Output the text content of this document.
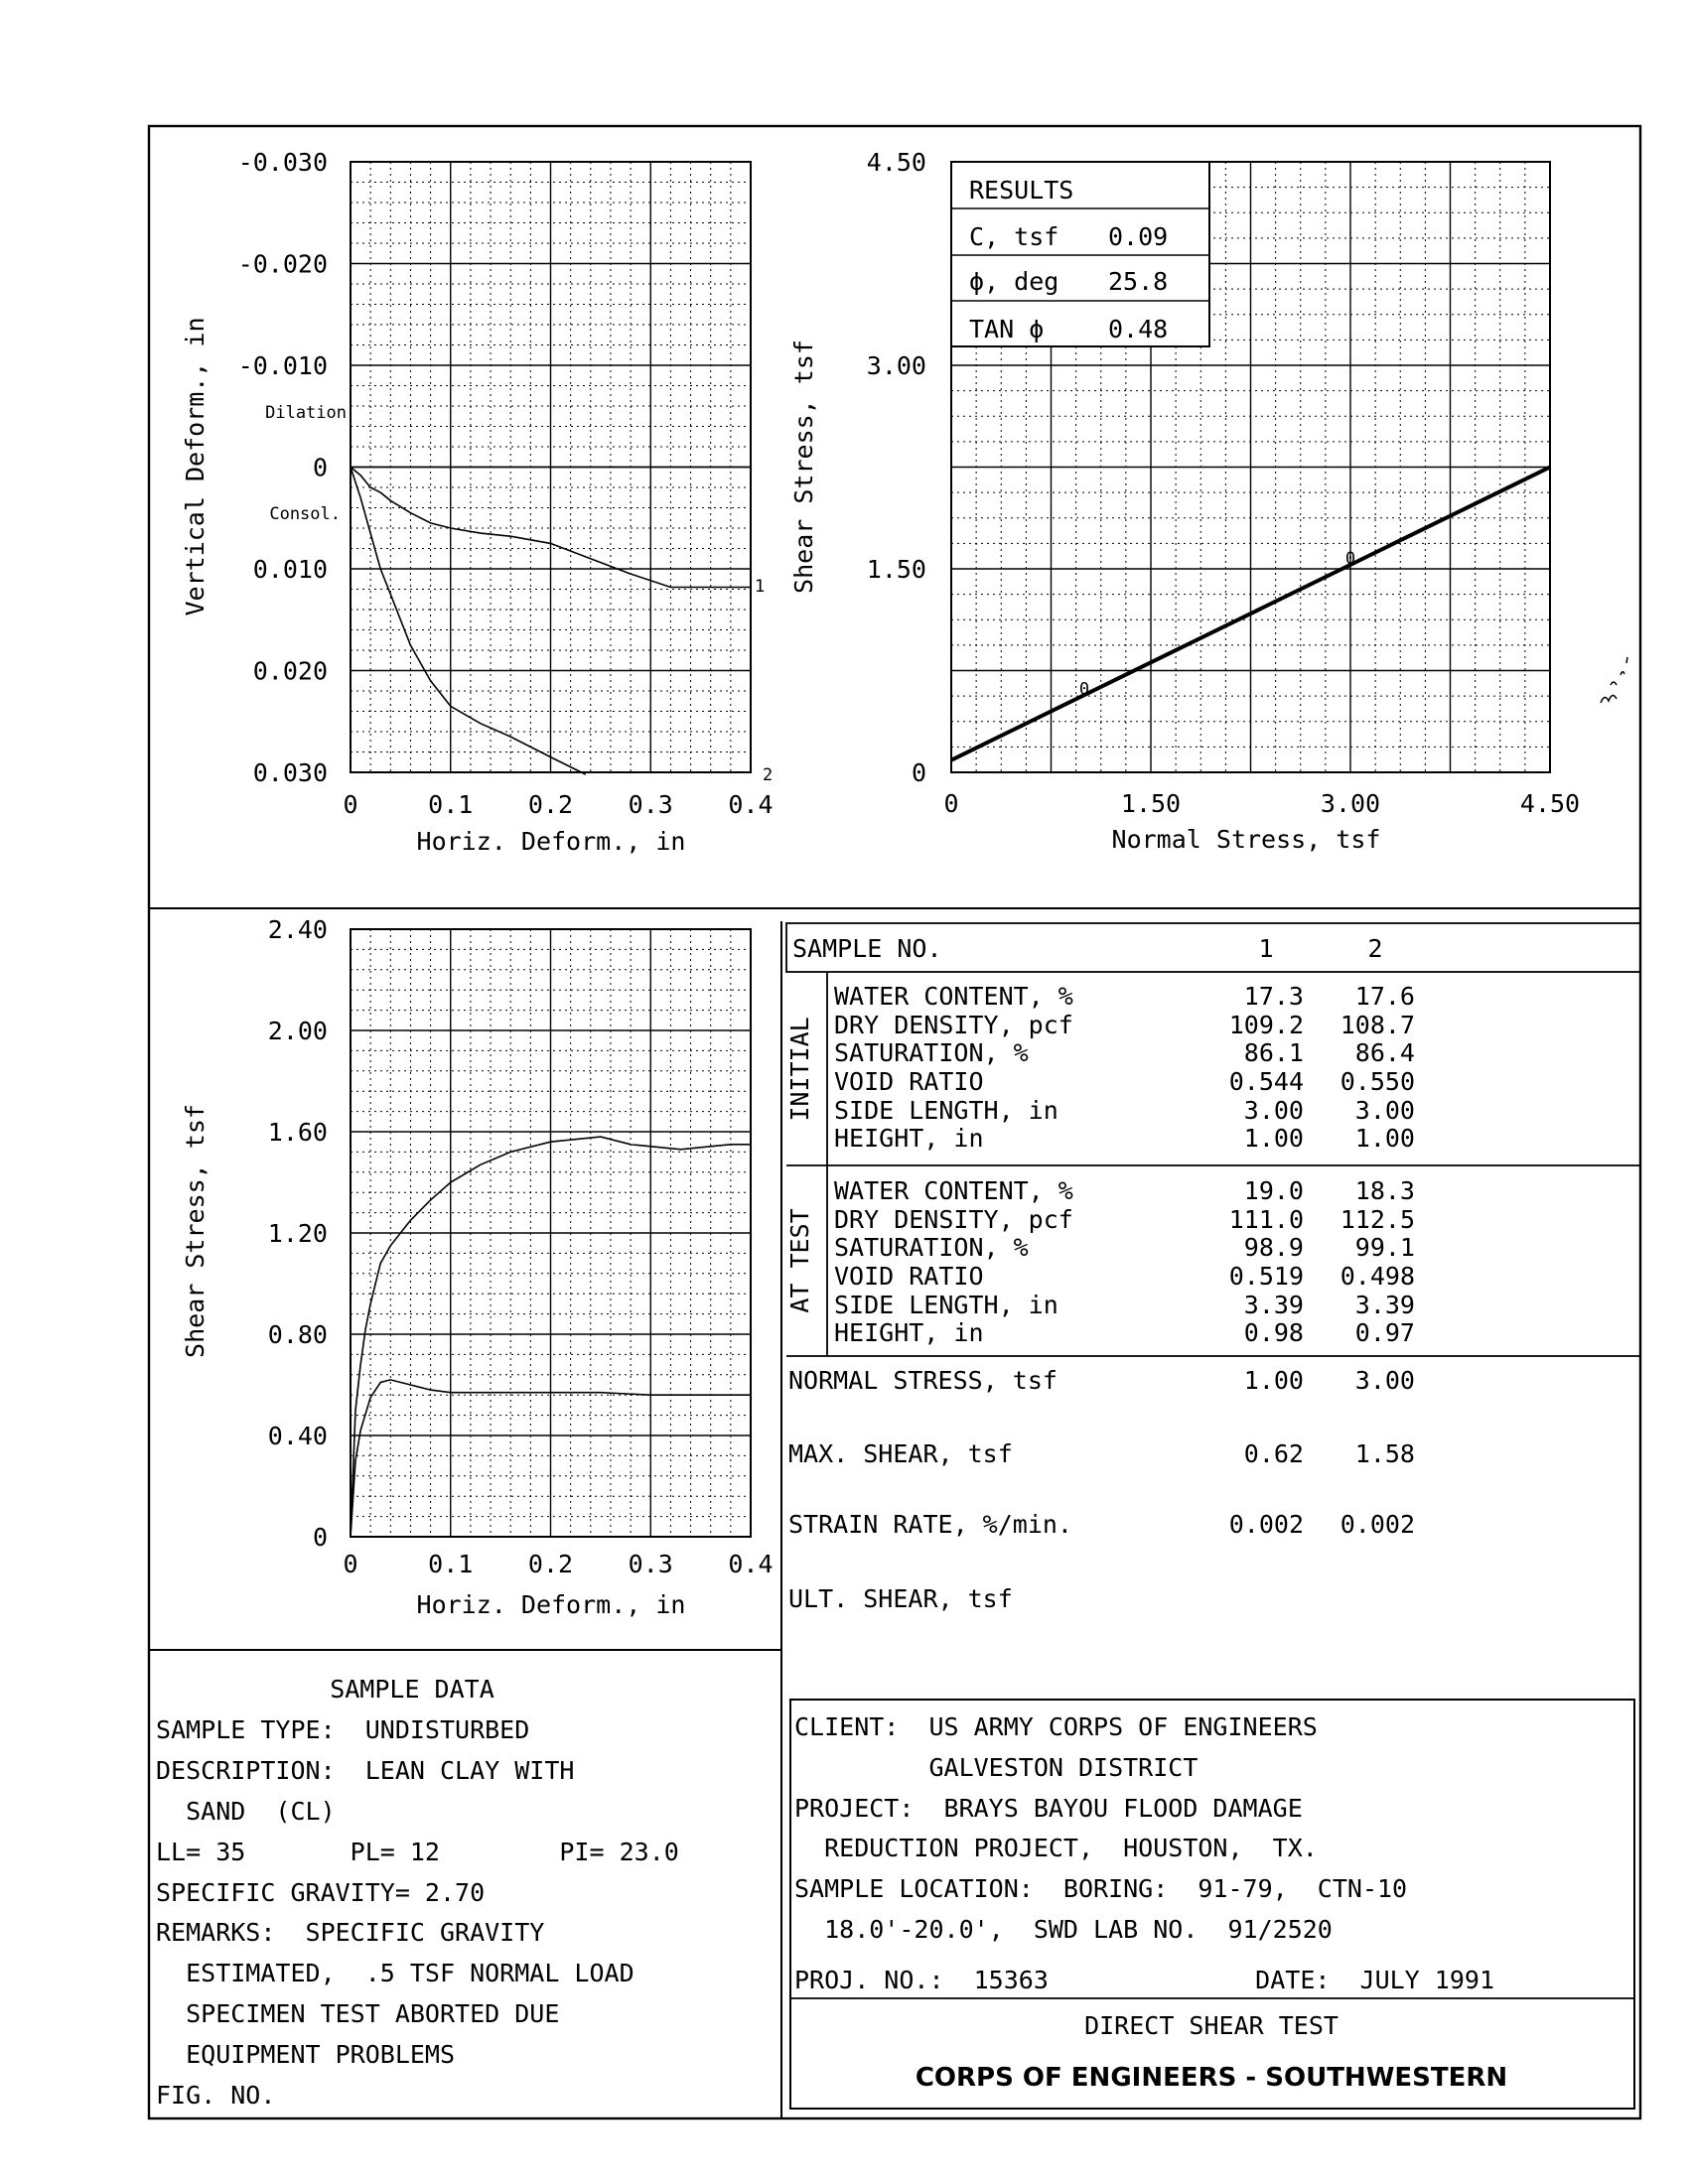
-0.030
-0.020
-0.010
0
0.010
0.020
0.030
0	0.1 0.2 0.3 0.4
Vertical Deform., in
Horiz. Deform., in
Dilation
Consol.
1
2
0
0
0
1.50
3.00
4.50
0	1.50	3.00	4.50
Shear Stress, tsf
Normal Stress, tsf
RESULTS
C, tsf 0.09
ϕ, deg 25.8
TAN ϕ	0.48
0
0.40
0.80
1.20
1.60
2.00
2.40
0	0.1 0.2 0.3 0.4
Shear Stress, tsf
Horiz. Deform., in
SAMPLE NO.	1	2
INITIAL
AT TEST
WATER CONTENT, %	17.3 17.6
DRY DENSITY, pcf	109.2 108.7
SATURATION, %	86.1 86.4
VOID RATIO	0.544 0.550
SIDE LENGTH, in	3.00 3.00
HEIGHT, in	1.00 1.00
WATER CONTENT, %	19.0 18.3
DRY DENSITY, pcf	111.0 112.5
SATURATION, %	98.9 99.1
VOID RATIO	0.519 0.498
SIDE LENGTH, in	3.39 3.39
HEIGHT, in	0.98 0.97
NORMAL STRESS, tsf	1.00 3.00
MAX. SHEAR, tsf	0.62 1.58
STRAIN RATE, %/min.	0.002 0.002
ULT. SHEAR, tsf
SAMPLE DATA
SAMPLE TYPE:  UNDISTURBED
DESCRIPTION:  LEAN CLAY WITH
SAND  (CL)
LL= 35       PL= 12        PI= 23.0
SPECIFIC GRAVITY= 2.70
REMARKS:  SPECIFIC GRAVITY
ESTIMATED,  .5 TSF NORMAL LOAD
SPECIMEN TEST ABORTED DUE
EQUIPMENT PROBLEMS
FIG. NO.
CLIENT:  US ARMY CORPS OF ENGINEERS
GALVESTON DISTRICT
PROJECT:  BRAYS BAYOU FLOOD DAMAGE
REDUCTION PROJECT,  HOUSTON,  TX.
SAMPLE LOCATION:  BORING:  91-79,  CTN-10
18.0'-20.0',  SWD LAB NO.  91/2520
PROJ. NO.:  15363	DATE:  JULY 1991
DIRECT SHEAR TEST
CORPS OF ENGINEERS - SOUTHWESTERN
